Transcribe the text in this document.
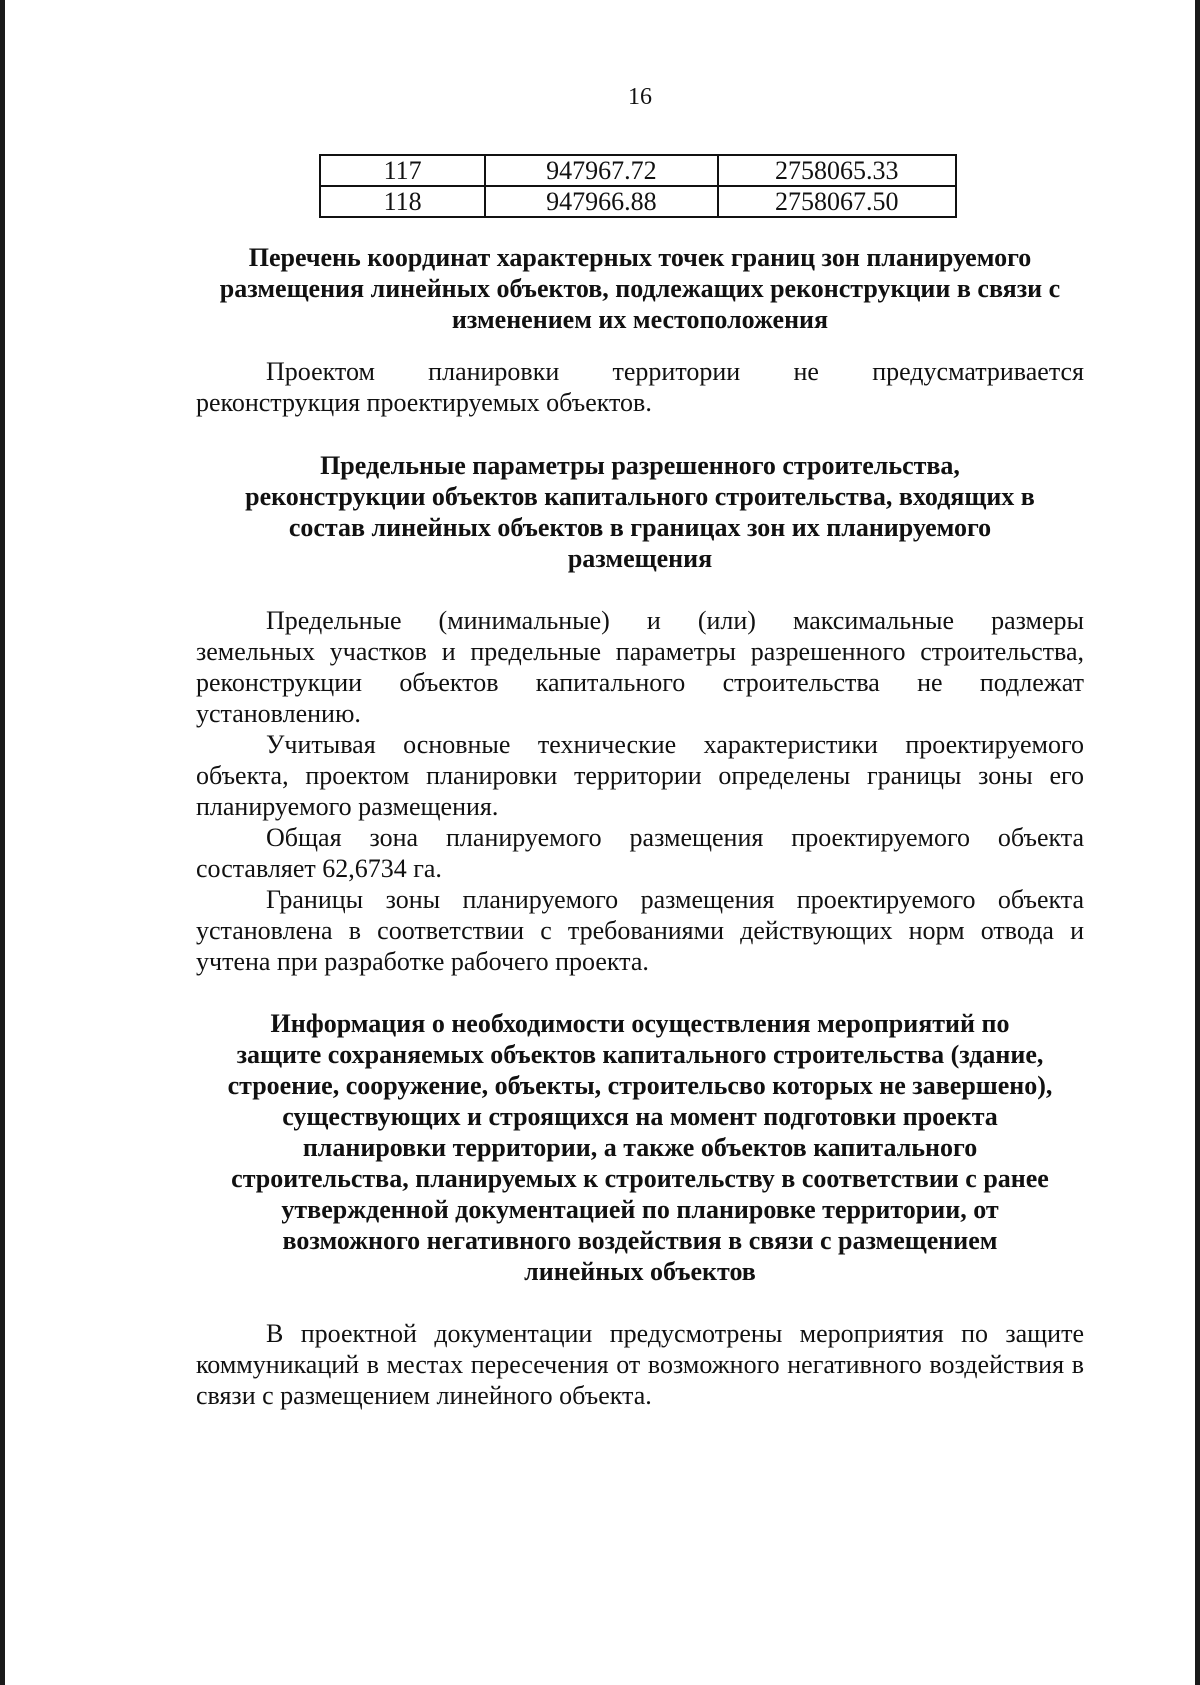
16
117	947967.72	2758065.33
118	947966.88	2758067.50
Перечень координат характерных точек границ зон планируемого
размещения линейных объектов, подлежащих реконструкции в связи с
изменением их местоположения
Проектом планировки территории не предусматривается
реконструкция проектируемых объектов.
Предельные параметры разрешенного строительства,
реконструкции объектов капитального строительства, входящих в
состав линейных объектов в границах зон их планируемого
размещения
Предельные (минимальные) и (или) максимальные размеры
земельных участков и предельные параметры разрешенного строительства,
реконструкции объектов капитального строительства не подлежат
установлению.
Учитывая основные технические характеристики проектируемого
объекта, проектом планировки территории определены границы зоны его
планируемого размещения.
Общая зона планируемого размещения проектируемого объекта
составляет 62,6734 га.
Границы зоны планируемого размещения проектируемого объекта
установлена в соответствии с требованиями действующих норм отвода и
учтена при разработке рабочего проекта.
Информация о необходимости осуществления мероприятий по
защите сохраняемых объектов капитального строительства (здание,
строение, сооружение, объекты, строительсво которых не завершено),
существующих и строящихся на момент подготовки проекта
планировки территории, а также объектов капитального
строительства, планируемых к строительству в соответствии с ранее
утвержденной документацией по планировке территории, от
возможного негативного воздействия в связи с размещением
линейных объектов
В проектной документации предусмотрены мероприятия по защите
коммуникаций в местах пересечения от возможного негативного воздействия в
связи с размещением линейного объекта.
